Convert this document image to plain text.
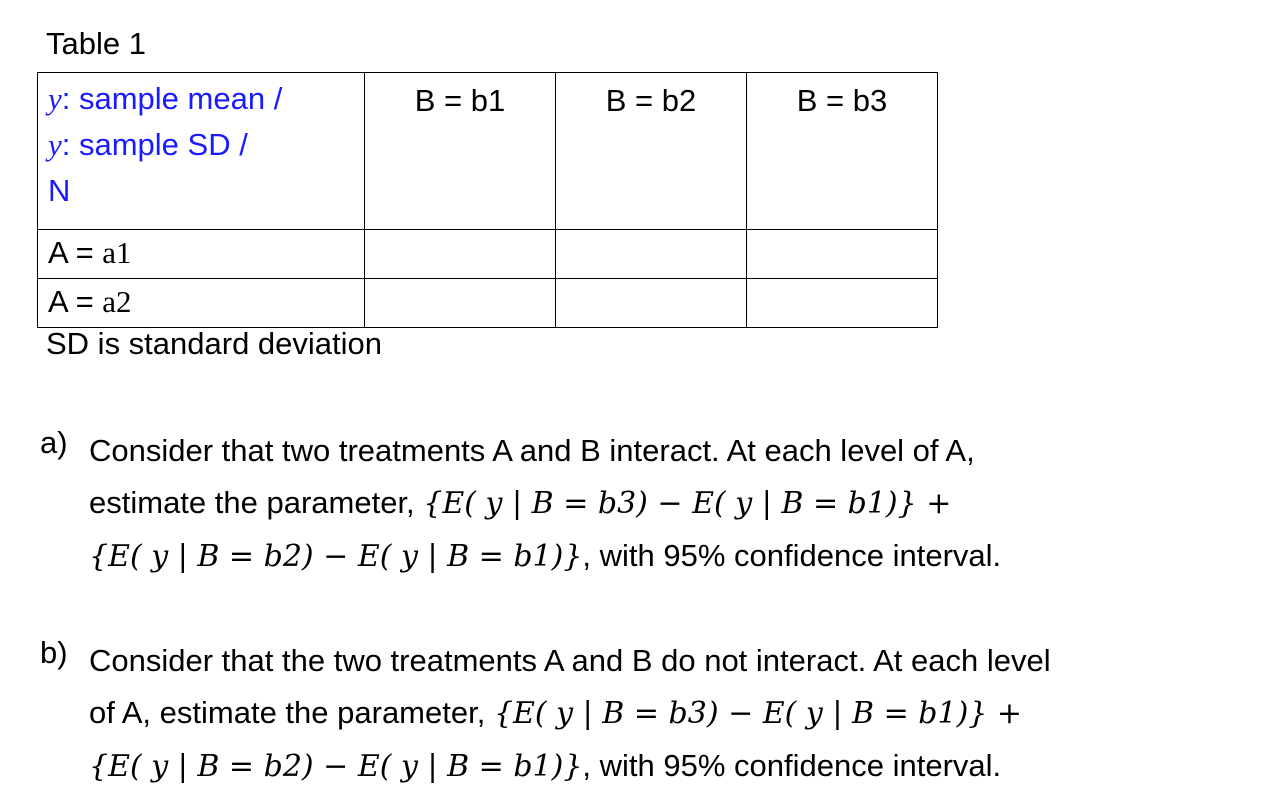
Table 1
y: sample mean /
y: sample SD /
N	B = b1	B = b2	B = b3
A = a1			
A = a2			
SD is standard deviation
a) Consider that two treatments A and B interact. At each level of A,
estimate the parameter, {E( y | B = b3) − E( y | B = b1)} +
{E( y | B = b2) − E( y | B = b1)}, with 95% confidence interval.
b) Consider that the two treatments A and B do not interact. At each level
of A, estimate the parameter, {E( y | B = b3) − E( y | B = b1)} +
{E( y | B = b2) − E( y | B = b1)}, with 95% confidence interval.
